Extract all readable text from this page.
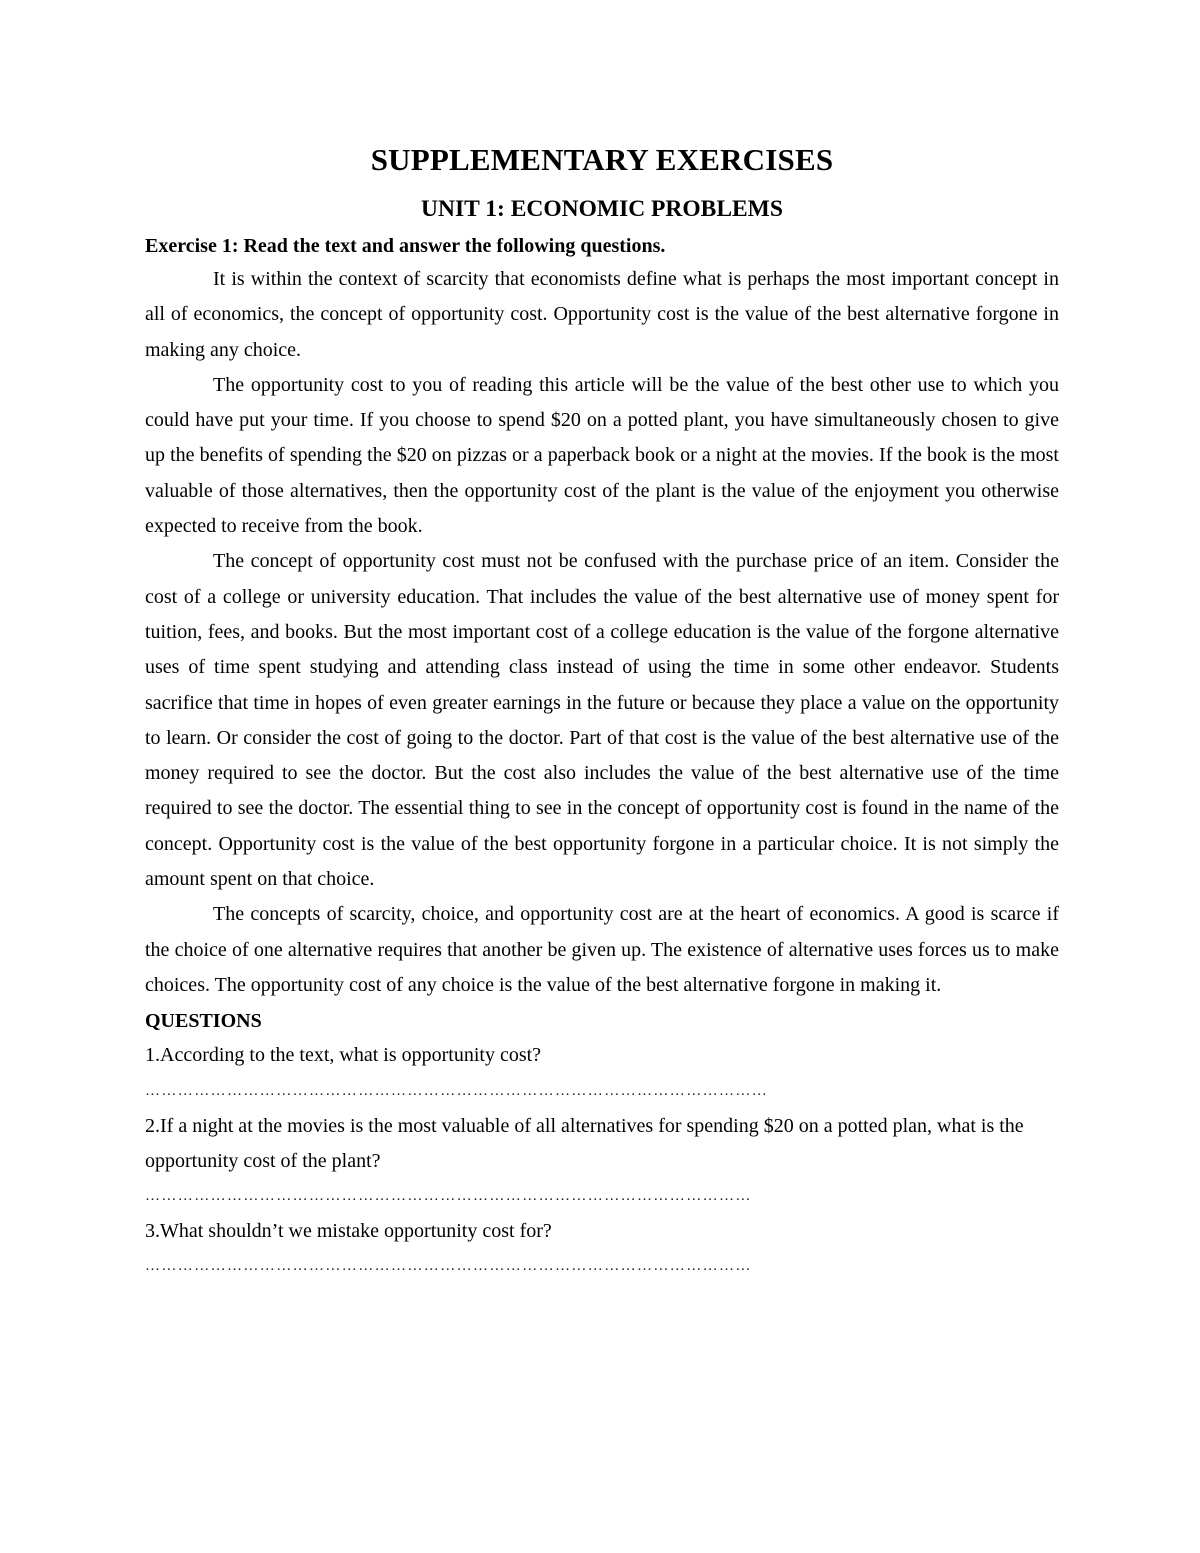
SUPPLEMENTARY EXERCISES
UNIT 1: ECONOMIC PROBLEMS

Exercise 1: Read the text and answer the following questions.

It is within the context of scarcity that economists define what is perhaps the most important concept in all of economics, the concept of opportunity cost. Opportunity cost is the value of the best alternative forgone in making any choice.

The opportunity cost to you of reading this article will be the value of the best other use to which you could have put your time. If you choose to spend $20 on a potted plant, you have simultaneously chosen to give up the benefits of spending the $20 on pizzas or a paperback book or a night at the movies. If the book is the most valuable of those alternatives, then the opportunity cost of the plant is the value of the enjoyment you otherwise expected to receive from the book.

The concept of opportunity cost must not be confused with the purchase price of an item. Consider the cost of a college or university education. That includes the value of the best alternative use of money spent for tuition, fees, and books. But the most important cost of a college education is the value of the forgone alternative uses of time spent studying and attending class instead of using the time in some other endeavor. Students sacrifice that time in hopes of even greater earnings in the future or because they place a value on the opportunity to learn. Or consider the cost of going to the doctor. Part of that cost is the value of the best alternative use of the money required to see the doctor. But the cost also includes the value of the best alternative use of the time required to see the doctor. The essential thing to see in the concept of opportunity cost is found in the name of the concept. Opportunity cost is the value of the best opportunity forgone in a particular choice. It is not simply the amount spent on that choice.

The concepts of scarcity, choice, and opportunity cost are at the heart of economics. A good is scarce if the choice of one alternative requires that another be given up. The existence of alternative uses forces us to make choices. The opportunity cost of any choice is the value of the best alternative forgone in making it.

QUESTIONS

1.According to the text, what is opportunity cost?

……………………………………………………………………………………………………

2.If a night at the movies is the most valuable of all alternatives for spending $20 on a potted plan, what is the opportunity cost of the plant?

…………………………………………………………………………………………………

3.What shouldn’t we mistake opportunity cost for?

…………………………………………………………………………………………………
